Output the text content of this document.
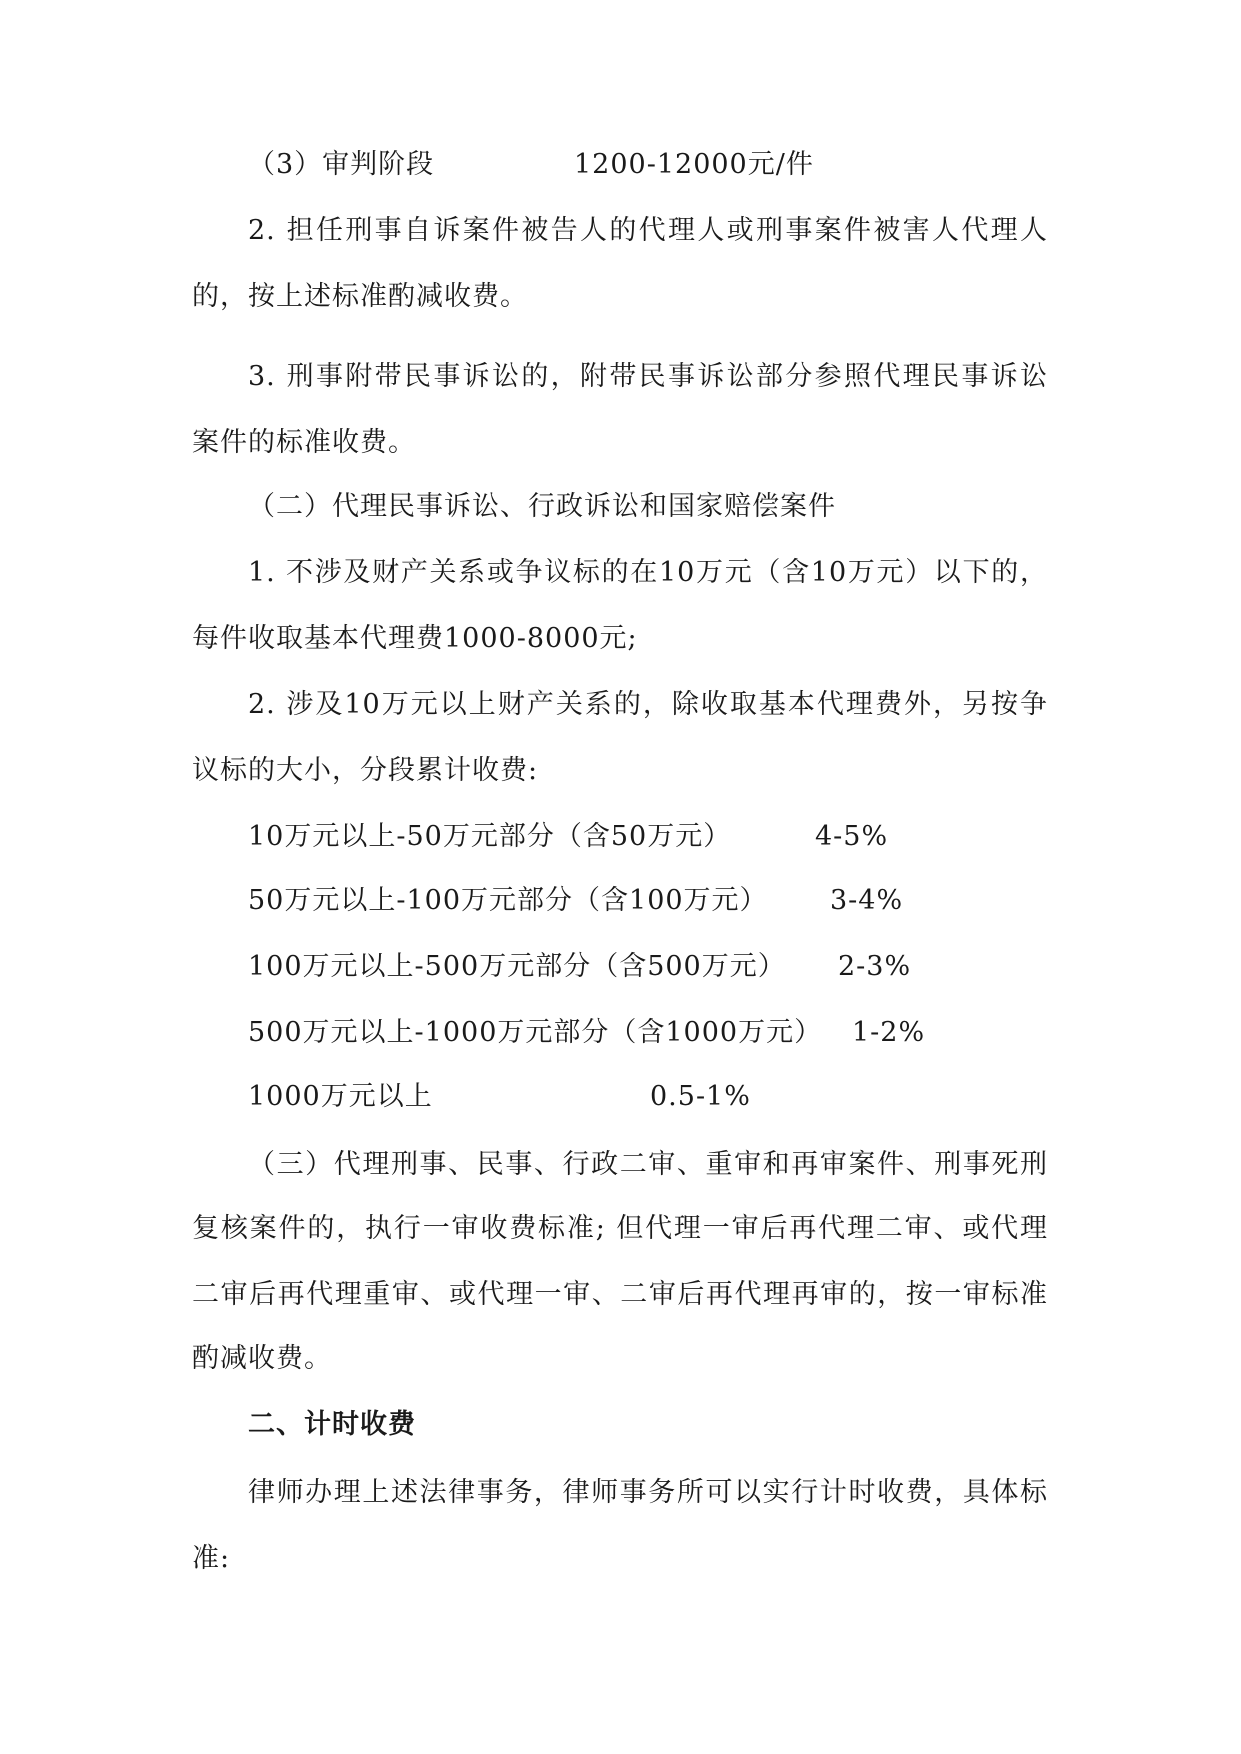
（3）审判阶段	1200-12000元/件
2. 担任刑事自诉案件被告人的代理人或刑事案件被害人代理人
的，按上述标准酌减收费。
3. 刑事附带民事诉讼的，附带民事诉讼部分参照代理民事诉讼
案件的标准收费。
（二）代理民事诉讼、行政诉讼和国家赔偿案件
1. 不涉及财产关系或争议标的在10万元（含10万元）以下的，
每件收取基本代理费1000-8000元;
2. 涉及10万元以上财产关系的，除收取基本代理费外，另按争
议标的大小，分段累计收费:
10万元以上-50万元部分（含50万元）	4-5%
50万元以上-100万元部分（含100万元） 3-4%
100万元以上-500万元部分（含500万元） 2-3%
500万元以上-1000万元部分（含1000万元） 1-2%
1000万元以上	0.5-1%
（三）代理刑事、民事、行政二审、重审和再审案件、刑事死刑
复核案件的，执行一审收费标准; 但代理一审后再代理二审、或代理
二审后再代理重审、或代理一审、二审后再代理再审的，按一审标准
酌减收费。
二、计时收费
律师办理上述法律事务，律师事务所可以实行计时收费，具体标
准:
